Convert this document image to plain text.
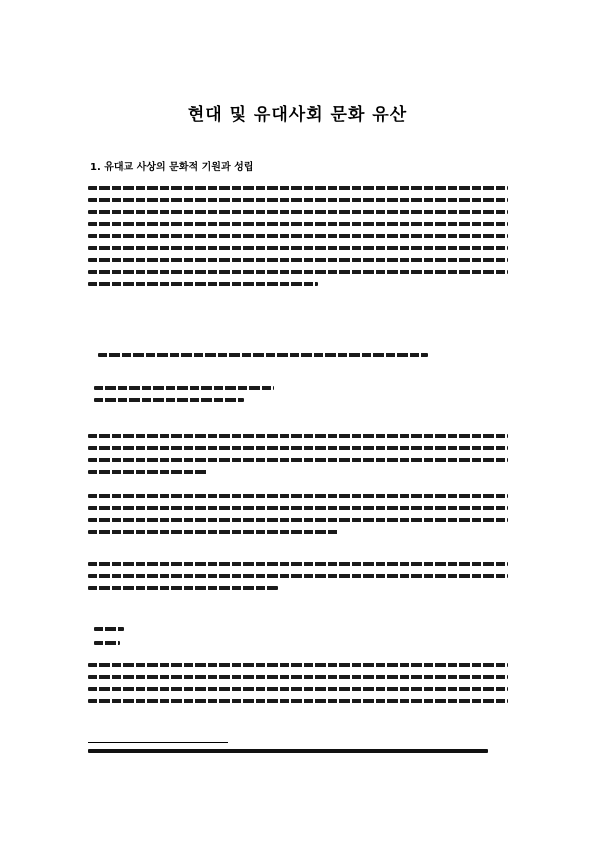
현대 및 유대사회 문화 유산
1. 유대교 사상의 문화적 기원과 성립
